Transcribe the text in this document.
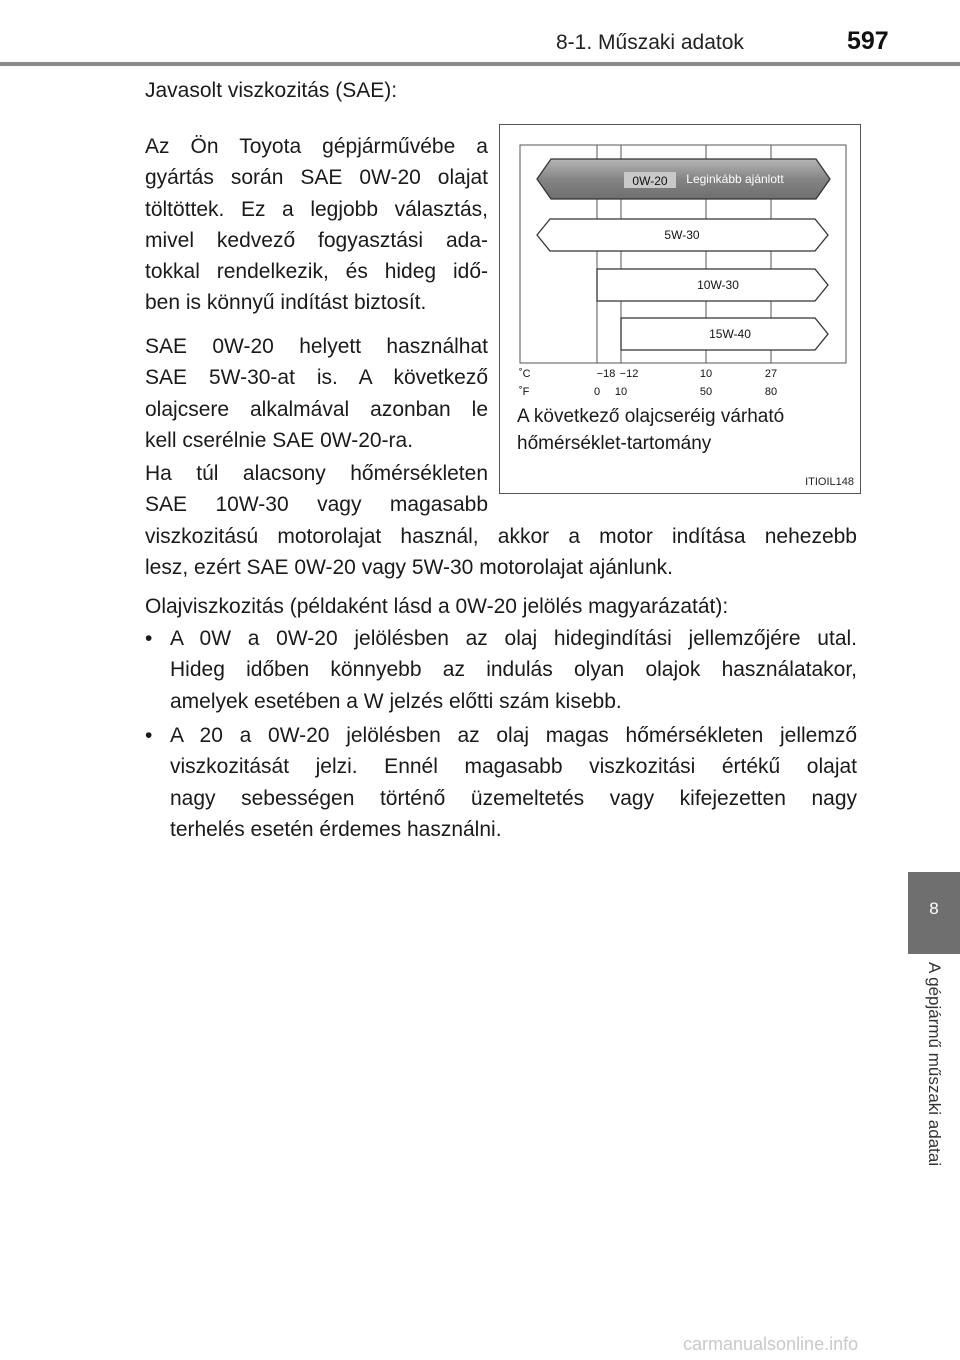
8-1. Műszaki adatok	597
8
A gépjármű műszaki adatai
Javasolt viszkozitás (SAE):
Az Ön Toyota gépjárművébe a
gyártás során SAE 0W-20 olajat
töltöttek. Ez a legjobb választás,
mivel kedvező fogyasztási ada-
tokkal rendelkezik, és hideg idő-
ben is könnyű indítást biztosít.
SAE 0W-20 helyett használhat
SAE 5W-30-at is. A következő
olajcsere alkalmával azonban le
kell cserélnie SAE 0W-20-ra.
Ha túl alacsony hőmérsékleten
SAE 10W-30 vagy magasabb
viszkozitású motorolajat használ, akkor a motor indítása nehezebb
lesz, ezért SAE 0W-20 vagy 5W-30 motorolajat ajánlunk.
Olajviszkozitás (példaként lásd a 0W-20 jelölés magyarázatát):
• A 0W a 0W-20 jelölésben az olaj hidegindítási jellemzőjére utal.
Hideg időben könnyebb az indulás olyan olajok használatakor,
amelyek esetében a W jelzés előtti szám kisebb.
• A 20 a 0W-20 jelölésben az olaj magas hőmérsékleten jellemző
viszkozitását jelzi. Ennél magasabb viszkozitási értékű olajat
nagy sebességen történő üzemeltetés vagy kifejezetten nagy
terhelés esetén érdemes használni.
0W-20 Leginkább ajánlott
5W-30
10W-30
15W-40
˚C	−18 −12	10	27
˚F	0 10	50	80
A következő olajcseréig várható
hőmérséklet-tartomány
ITIOIL148
carmanualsonline.info
